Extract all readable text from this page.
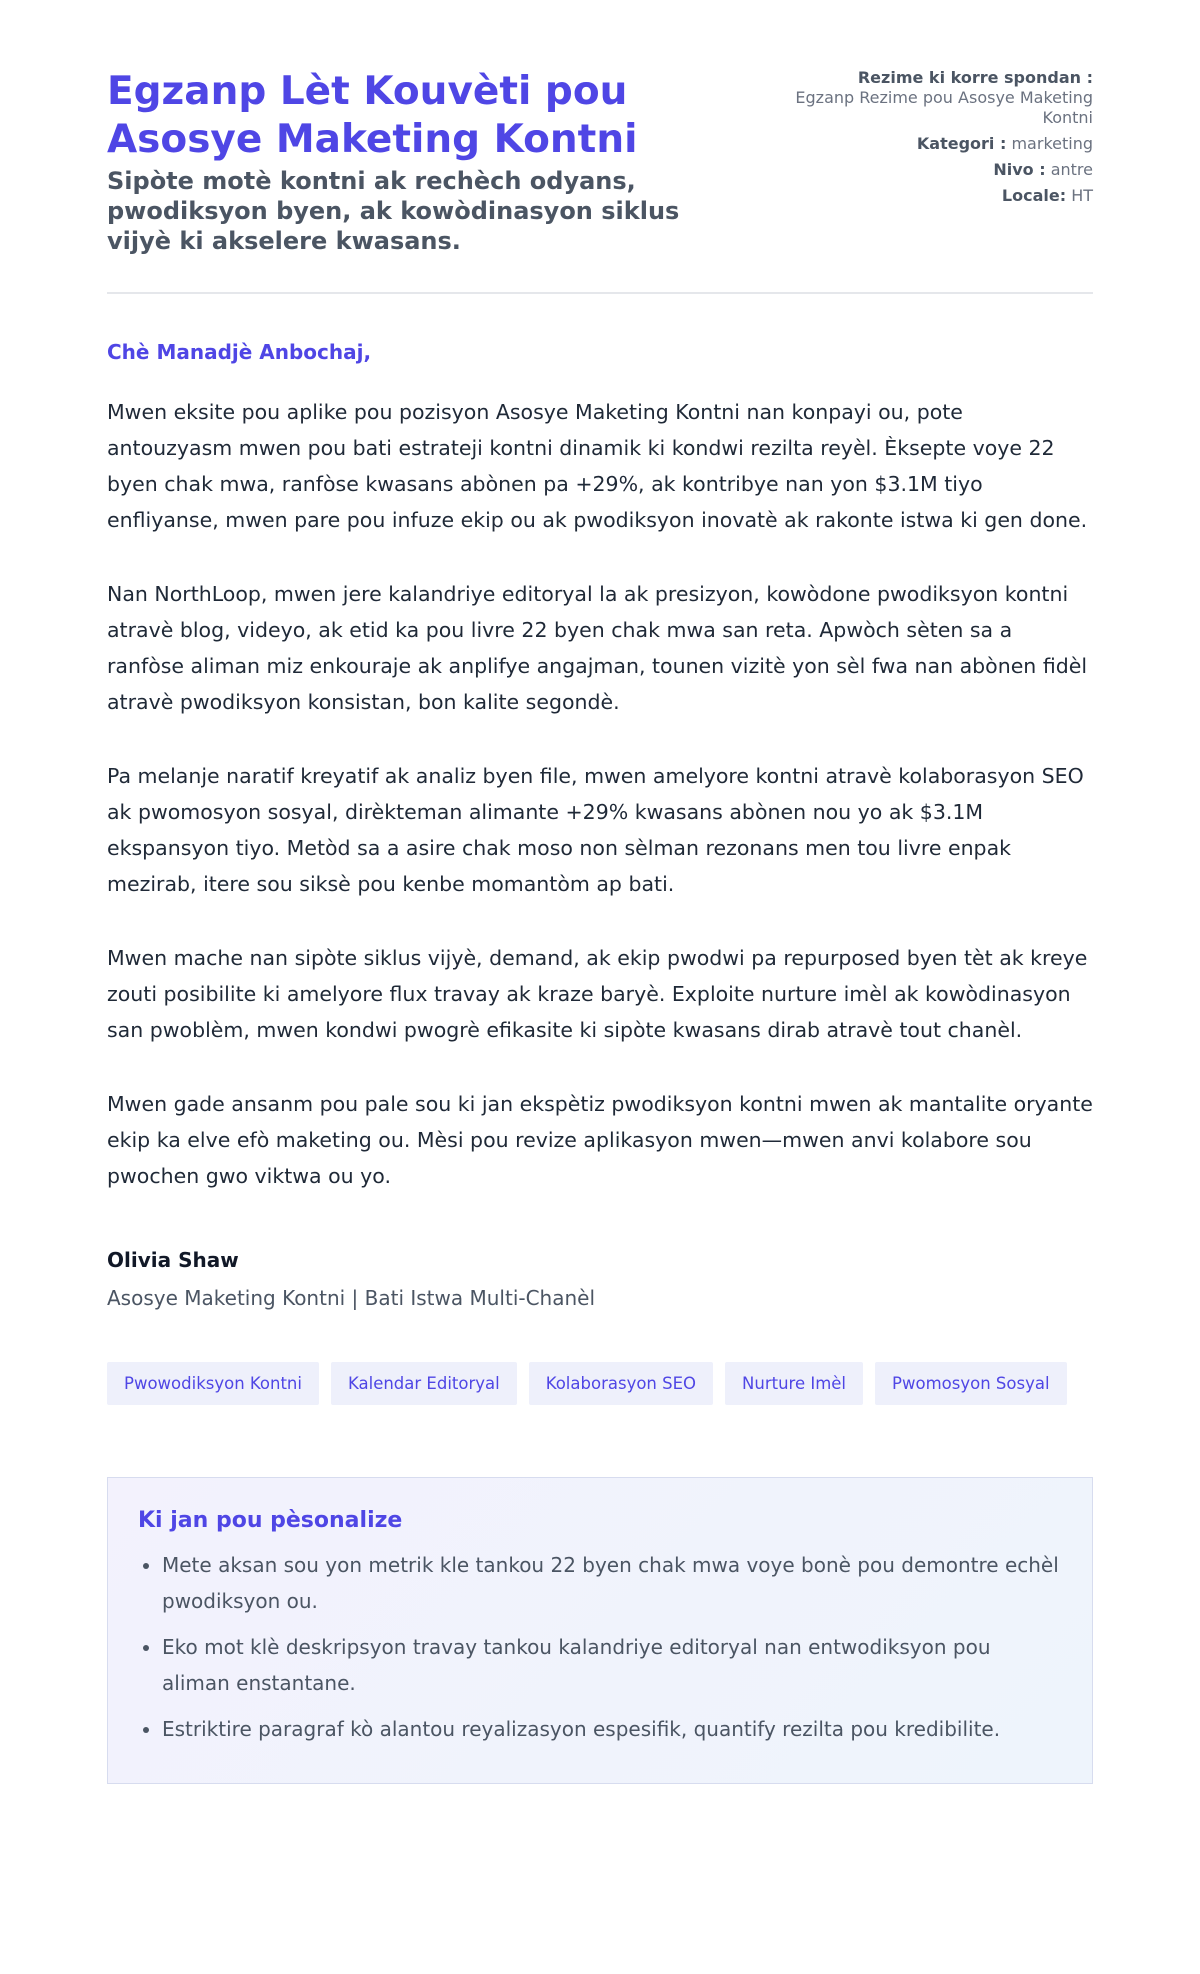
Egzanp Lèt Kouvèti pou Asosye Maketing Kontni
Sipòte motè kontni ak rechèch odyans, pwodiksyon byen, ak kowòdinasyon siklus vijyè ki akselere kwasans.
Rezime ki korre spondan :
Egzanp Rezime pou Asosye Maketing Kontni
Kategori : marketing
Nivo : antre
Locale: HT
Chè Manadjè Anbochaj,

Mwen eksite pou aplike pou pozisyon Asosye Maketing Kontni nan konpayi ou, pote antouzyasm mwen pou bati estrateji kontni dinamik ki kondwi rezilta reyèl. Èksepte voye 22 byen chak mwa, ranfòse kwasans abònen pa +29%, ak kontribye nan yon $3.1M tiyo enfliyanse, mwen pare pou infuze ekip ou ak pwodiksyon inovatè ak rakonte istwa ki gen done.

Nan NorthLoop, mwen jere kalandriye editoryal la ak presizyon, kowòdone pwodiksyon kontni atravè blog, videyo, ak etid ka pou livre 22 byen chak mwa san reta. Apwòch sèten sa a ranfòse aliman miz enkouraje ak anplifye angajman, tounen vizitè yon sèl fwa nan abònen fidèl atravè pwodiksyon konsistan, bon kalite segondè.

Pa melanje naratif kreyatif ak analiz byen file, mwen amelyore kontni atravè kolaborasyon SEO ak pwomosyon sosyal, dirèkteman alimante +29% kwasans abònen nou yo ak $3.1M ekspansyon tiyo. Metòd sa a asire chak moso non sèlman rezonans men tou livre enpak mezirab, itere sou siksè pou kenbe momantòm ap bati.

Mwen mache nan sipòte siklus vijyè, demand, ak ekip pwodwi pa repurposed byen tèt ak kreye zouti posibilite ki amelyore flux travay ak kraze baryè. Exploite nurture imèl ak kowòdinasyon san pwoblèm, mwen kondwi pwogrè efikasite ki sipòte kwasans dirab atravè tout chanèl.

Mwen gade ansanm pou pale sou ki jan ekspètiz pwodiksyon kontni mwen ak mantalite oryante ekip ka elve efò maketing ou. Mèsi pou revize aplikasyon mwen—mwen anvi kolabore sou pwochen gwo viktwa ou yo.

Olivia Shaw
Asosye Maketing Kontni | Bati Istwa Multi-Chanèl
Pwowodiksyon Kontni	Kalendar Editoryal	Kolaborasyon SEO	Nurture Imèl	Pwomosyon Sosyal
Ki jan pou pèsonalize
• Mete aksan sou yon metrik kle tankou 22 byen chak mwa voye bonè pou demontre echèl pwodiksyon ou.
• Eko mot klè deskripsyon travay tankou kalandriye editoryal nan entwodiksyon pou aliman enstantane.
• Estriktire paragraf kò alantou reyalizasyon espesifik, quantify rezilta pou kredibilite.
